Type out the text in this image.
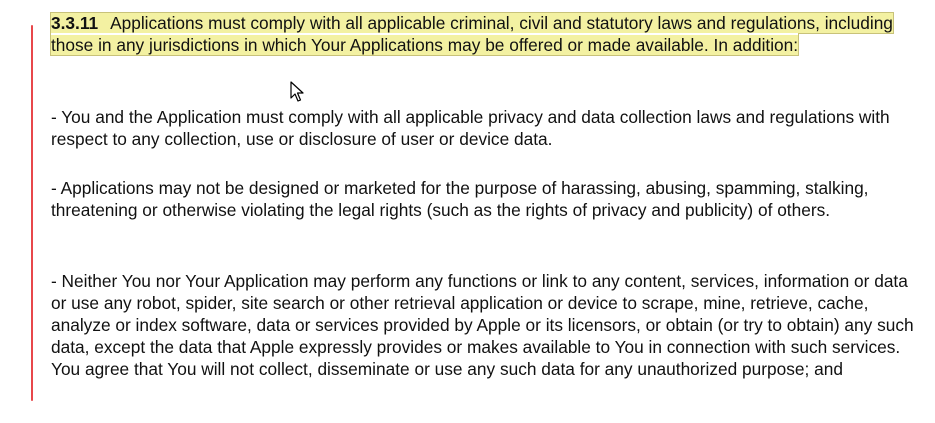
3.3.11 Applications must comply with all applicable criminal, civil and statutory laws and regulations, including those in any jurisdictions in which Your Applications may be offered or made available. In addition:

- You and the Application must comply with all applicable privacy and data collection laws and regulations with respect to any collection, use or disclosure of user or device data.

- Applications may not be designed or marketed for the purpose of harassing, abusing, spamming, stalking, threatening or otherwise violating the legal rights (such as the rights of privacy and publicity) of others.

- Neither You nor Your Application may perform any functions or link to any content, services, information or data or use any robot, spider, site search or other retrieval application or device to scrape, mine, retrieve, cache, analyze or index software, data or services provided by Apple or its licensors, or obtain (or try to obtain) any such data, except the data that Apple expressly provides or makes available to You in connection with such services. You agree that You will not collect, disseminate or use any such data for any unauthorized purpose; and
